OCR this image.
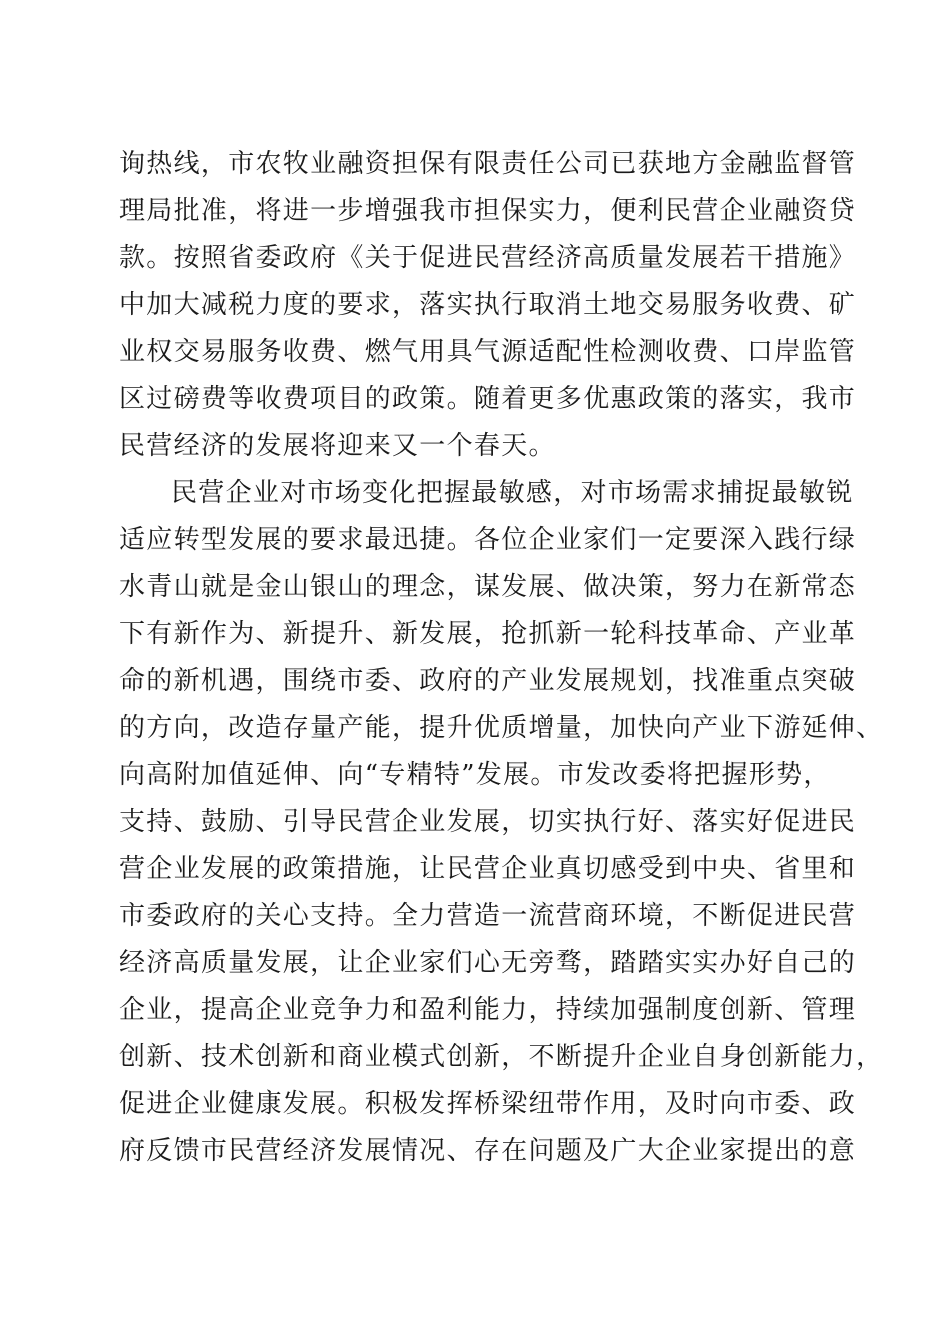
询热线，市农牧业融资担保有限责任公司已获地方金融监督管
理局批准，将进一步增强我市担保实力，便利民营企业融资贷
款。按照省委政府《关于促进民营经济高质量发展若干措施》
中加大减税力度的要求，落实执行取消土地交易服务收费、矿
业权交易服务收费、燃气用具气源适配性检测收费、口岸监管
区过磅费等收费项目的政策。随着更多优惠政策的落实，我市
民营经济的发展将迎来又一个春天。
民营企业对市场变化把握最敏感，对市场需求捕捉最敏锐
适应转型发展的要求最迅捷。各位企业家们一定要深入践行绿
水青山就是金山银山的理念，谋发展、做决策，努力在新常态
下有新作为、新提升、新发展，抢抓新一轮科技革命、产业革
命的新机遇，围绕市委、政府的产业发展规划，找准重点突破
的方向，改造存量产能，提升优质增量，加快向产业下游延伸、
向高附加值延伸、向“专精特”发展。市发改委将把握形势，
支持、鼓励、引导民营企业发展，切实执行好、落实好促进民
营企业发展的政策措施，让民营企业真切感受到中央、省里和
市委政府的关心支持。全力营造一流营商环境，不断促进民营
经济高质量发展，让企业家们心无旁骛，踏踏实实办好自己的
企业，提高企业竞争力和盈利能力，持续加强制度创新、管理
创新、技术创新和商业模式创新，不断提升企业自身创新能力，
促进企业健康发展。积极发挥桥梁纽带作用，及时向市委、政
府反馈市民营经济发展情况、存在问题及广大企业家提出的意
